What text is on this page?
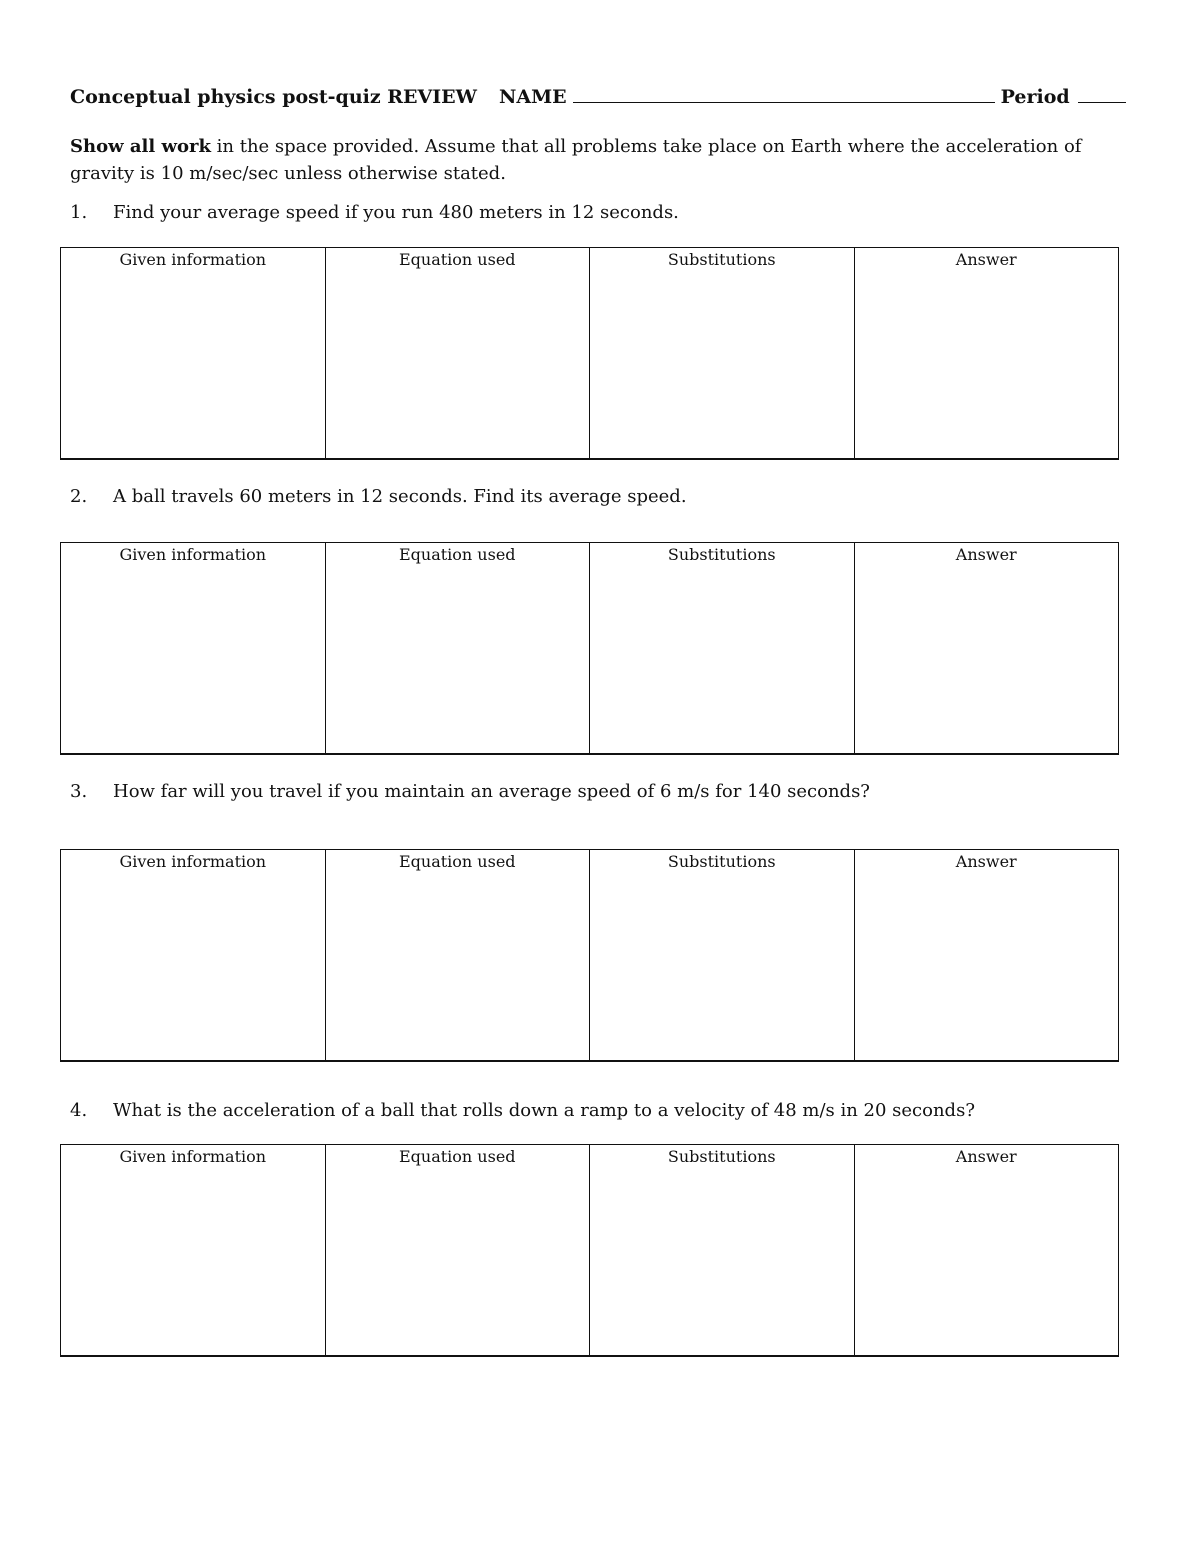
Conceptual physics post-quiz REVIEW NAME	Period
Show all work in the space provided. Assume that all problems take place on Earth where the acceleration of gravity is 10 m/sec/sec unless otherwise stated.
1. Find your average speed if you run 480 meters in 12 seconds.
Given information	Equation used	Substitutions	Answer
2. A ball travels 60 meters in 12 seconds. Find its average speed.
Given information	Equation used	Substitutions	Answer
3. How far will you travel if you maintain an average speed of 6 m/s for 140 seconds?
Given information	Equation used	Substitutions	Answer
4. What is the acceleration of a ball that rolls down a ramp to a velocity of 48 m/s in 20 seconds?
Given information	Equation used	Substitutions	Answer
